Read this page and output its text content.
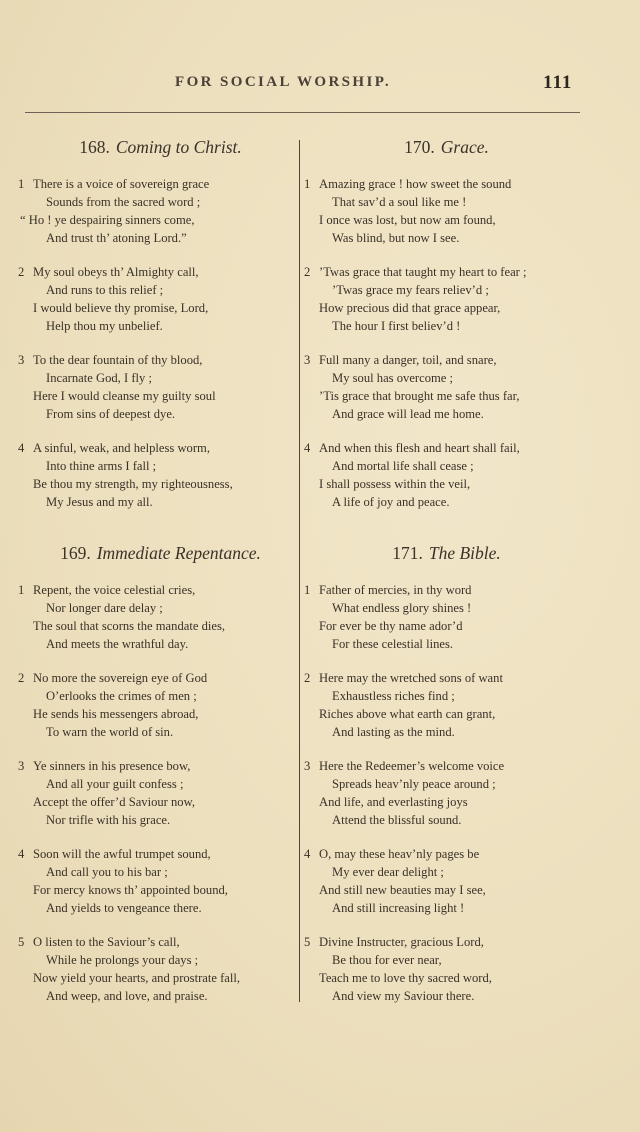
FOR SOCIAL WORSHIP.	111
168. Coming to Christ.
1 There is a voice of sovereign grace
Sounds from the sacred word ;
“ Ho ! ye despairing sinners come,
And trust th’ atoning Lord.”
2 My soul obeys th’ Almighty call,
And runs to this relief ;
I would believe thy promise, Lord,
Help thou my unbelief.
3 To the dear fountain of thy blood,
Incarnate God, I fly ;
Here I would cleanse my guilty soul
From sins of deepest dye.
4 A sinful, weak, and helpless worm,
Into thine arms I fall ;
Be thou my strength, my righteousness,
My Jesus and my all.
169. Immediate Repentance.
1 Repent, the voice celestial cries,
Nor longer dare delay ;
The soul that scorns the mandate dies,
And meets the wrathful day.
2 No more the sovereign eye of God
O’erlooks the crimes of men ;
He sends his messengers abroad,
To warn the world of sin.
3 Ye sinners in his presence bow,
And all your guilt confess ;
Accept the offer’d Saviour now,
Nor trifle with his grace.
4 Soon will the awful trumpet sound,
And call you to his bar ;
For mercy knows th’ appointed bound,
And yields to vengeance there.
5 O listen to the Saviour’s call,
While he prolongs your days ;
Now yield your hearts, and prostrate fall,
And weep, and love, and praise.
170. Grace.
1 Amazing grace ! how sweet the sound
That sav’d a soul like me !
I once was lost, but now am found,
Was blind, but now I see.
2 ’Twas grace that taught my heart to fear ;
’Twas grace my fears reliev’d ;
How precious did that grace appear,
The hour I first believ’d !
3 Full many a danger, toil, and snare,
My soul has overcome ;
’Tis grace that brought me safe thus far,
And grace will lead me home.
4 And when this flesh and heart shall fail,
And mortal life shall cease ;
I shall possess within the veil,
A life of joy and peace.
171. The Bible.
1 Father of mercies, in thy word
What endless glory shines !
For ever be thy name ador’d
For these celestial lines.
2 Here may the wretched sons of want
Exhaustless riches find ;
Riches above what earth can grant,
And lasting as the mind.
3 Here the Redeemer’s welcome voice
Spreads heav’nly peace around ;
And life, and everlasting joys
Attend the blissful sound.
4 O, may these heav’nly pages be
My ever dear delight ;
And still new beauties may I see,
And still increasing light !
5 Divine Instructer, gracious Lord,
Be thou for ever near,
Teach me to love thy sacred word,
And view my Saviour there.
